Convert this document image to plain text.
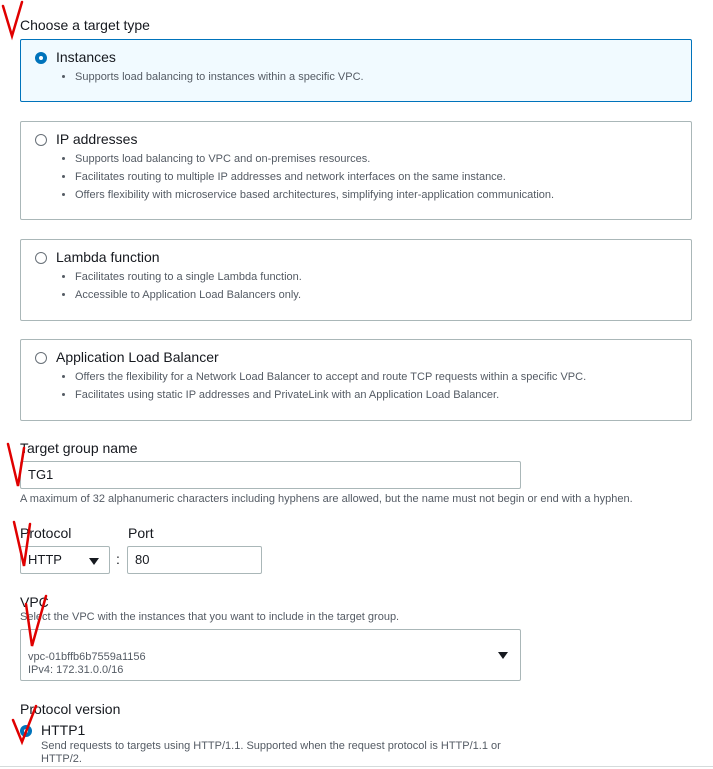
Choose a target type
Instances
• Supports load balancing to instances within a specific VPC.
IP addresses
• Supports load balancing to VPC and on-premises resources.
• Facilitates routing to multiple IP addresses and network interfaces on the same instance.
• Offers flexibility with microservice based architectures, simplifying inter-application communication.
Lambda function
• Facilitates routing to a single Lambda function.
• Accessible to Application Load Balancers only.
Application Load Balancer
• Offers the flexibility for a Network Load Balancer to accept and route TCP requests within a specific VPC.
• Facilitates using static IP addresses and PrivateLink with an Application Load Balancer.
Target group name
TG1
A maximum of 32 alphanumeric characters including hyphens are allowed, but the name must not begin or end with a hyphen.
Protocol	Port
HTTP	:	80
VPC
Select the VPC with the instances that you want to include in the target group.
vpc-01bffb6b7559a1156
IPv4: 172.31.0.0/16
Protocol version
HTTP1
Send requests to targets using HTTP/1.1. Supported when the request protocol is HTTP/1.1 or HTTP/2.
